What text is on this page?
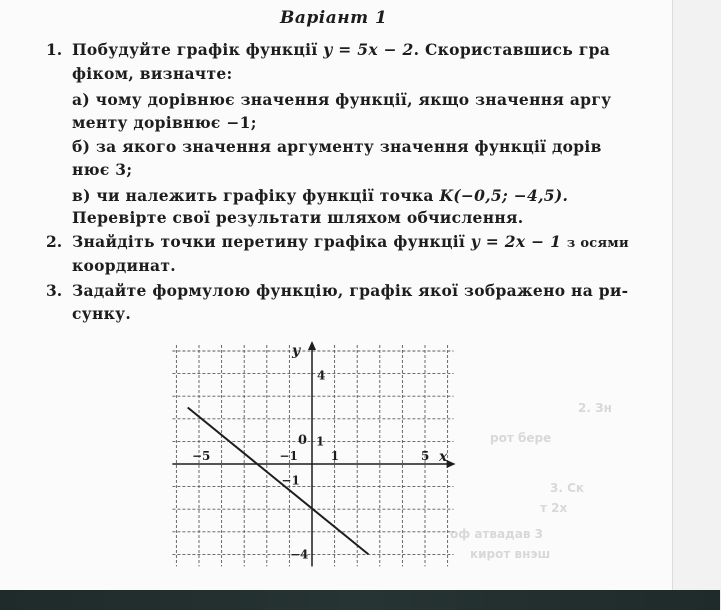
Варіант 1
1. Побудуйте графік функції y = 5x − 2. Скориставшись гра
фіком, визначте:
а) чому дорівнює значення функції, якщо значення аргу
менту дорівнює −1;
б) за якого значення аргументу значення функції дорів
нює 3;
в) чи належить графіку функції точка K(−0,5; −4,5).
Перевірте свої результати шляхом обчислення.
2. Знайдіть точки перетину графіка функції y = 2x − 1 з осями
координат.
3. Задайте формулою функцію, графік якої зображено на ри-
сунку.
y
x
0
4
1
−5	−1	1	5
−1
−4
2. Зн
рот бере
3. Ск
т 2x
оф атвадав 3
кирот внэш
